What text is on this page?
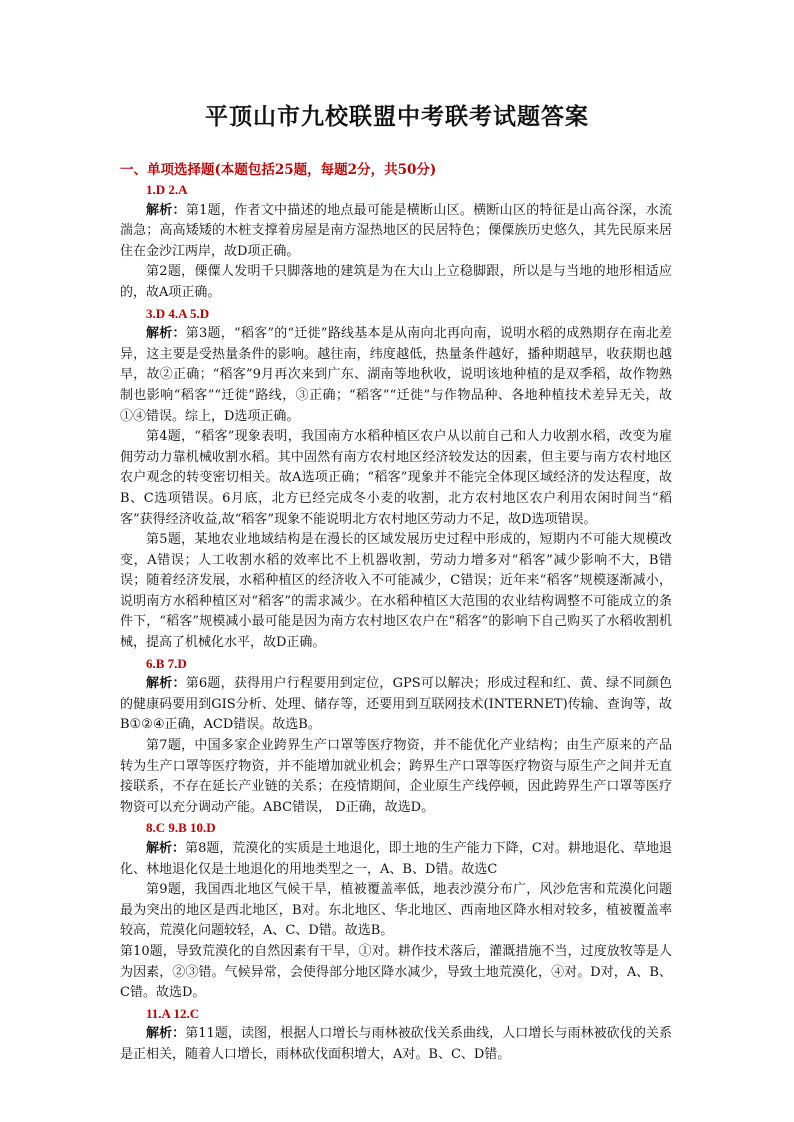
平顶山市九校联盟中考联考试题答案
一、单项选择题(本题包括25题，每题2分，共50分)

1.D 2.A

解析：第1题，作者文中描述的地点最可能是横断山区。横断山区的特征是山高谷深，水流湍急；高高矮矮的木桩支撑着房屋是南方湿热地区的民居特色；傈僳族历史悠久，其先民原来居住在金沙江两岸，故D项正确。

第2题，傈僳人发明千只脚落地的建筑是为在大山上立稳脚跟，所以是与当地的地形相适应的，故A项正确。

3.D 4.A 5.D

解析：第3题，“稻客”的“迁徙”路线基本是从南向北再向南，说明水稻的成熟期存在南北差异，这主要是受热量条件的影响。越往南，纬度越低，热量条件越好，播种期越早，收获期也越早，故②正确；“稻客”9月再次来到广东、湖南等地秋收，说明该地种植的是双季稻，故作物熟制也影响“稻客”“迁徙”路线，③正确；“稻客”“迁徙”与作物品种、各地种植技术差异无关，故①④错误。综上，D选项正确。

第4题，“稻客”现象表明，我国南方水稻种植区农户从以前自己和人力收割水稻，改变为雇佣劳动力靠机械收割水稻。其中固然有南方农村地区经济较发达的因素，但主要与南方农村地区农户观念的转变密切相关。故A选项正确；“稻客”现象并不能完全体现区域经济的发达程度，故B、C选项错误。6月底，北方已经完成冬小麦的收割，北方农村地区农户利用农闲时间当“稻客”获得经济收益,故“稻客”现象不能说明北方农村地区劳动力不足，故D选项错误。

第5题，某地农业地域结构是在漫长的区域发展历史过程中形成的，短期内不可能大规模改变，A错误；人工收割水稻的效率比不上机器收割，劳动力增多对“稻客”减少影响不大，B错误；随着经济发展，水稻种植区的经济收入不可能减少，C错误；近年来“稻客”规模逐渐减小，说明南方水稻种植区对“稻客”的需求减少。在水稻种植区大范围的农业结构调整不可能成立的条件下，“稻客”规模减小最可能是因为南方农村地区农户在“稻客”的影响下自己购买了水稻收割机械，提高了机械化水平，故D正确。

6.B 7.D

解析：第6题，获得用户行程要用到定位，GPS可以解决；形成过程和红、黄、绿不同颜色的健康码要用到GIS分析、处理、储存等，还要用到互联网技术(INTERNET)传输、查询等，故B①②④正确，ACD错误。故选B。

第7题，中国多家企业跨界生产口罩等医疗物资，并不能优化产业结构；由生产原来的产品转为生产口罩等医疗物资，并不能增加就业机会；跨界生产口罩等医疗物资与原生产之间并无直接联系，不存在延长产业链的关系；在疫情期间，企业原生产线停顿，因此跨界生产口罩等医疗物资可以充分调动产能。ABC错误， D正确，故选D。

8.C 9.B 10.D

解析：第8题，荒漠化的实质是土地退化，即土地的生产能力下降，C对。耕地退化、草地退化、林地退化仅是土地退化的用地类型之一，A、B、D错。故选C

第9题，我国西北地区气候干旱，植被覆盖率低，地表沙漠分布广，风沙危害和荒漠化问题最为突出的地区是西北地区，B对。东北地区、华北地区、西南地区降水相对较多，植被覆盖率较高，荒漠化问题较轻，A、C、D错。故选B。

第10题，导致荒漠化的自然因素有干旱，①对。耕作技术落后，灌溉措施不当，过度放牧等是人为因素，②③错。气候异常，会使得部分地区降水减少，导致土地荒漠化，④对。D对，A、B、C错。故选D。

11.A 12.C

解析：第11题，读图，根据人口增长与雨林被砍伐关系曲线，人口增长与雨林被砍伐的关系是正相关，随着人口增长，雨林砍伐面积增大，A对。B、C、D错。
